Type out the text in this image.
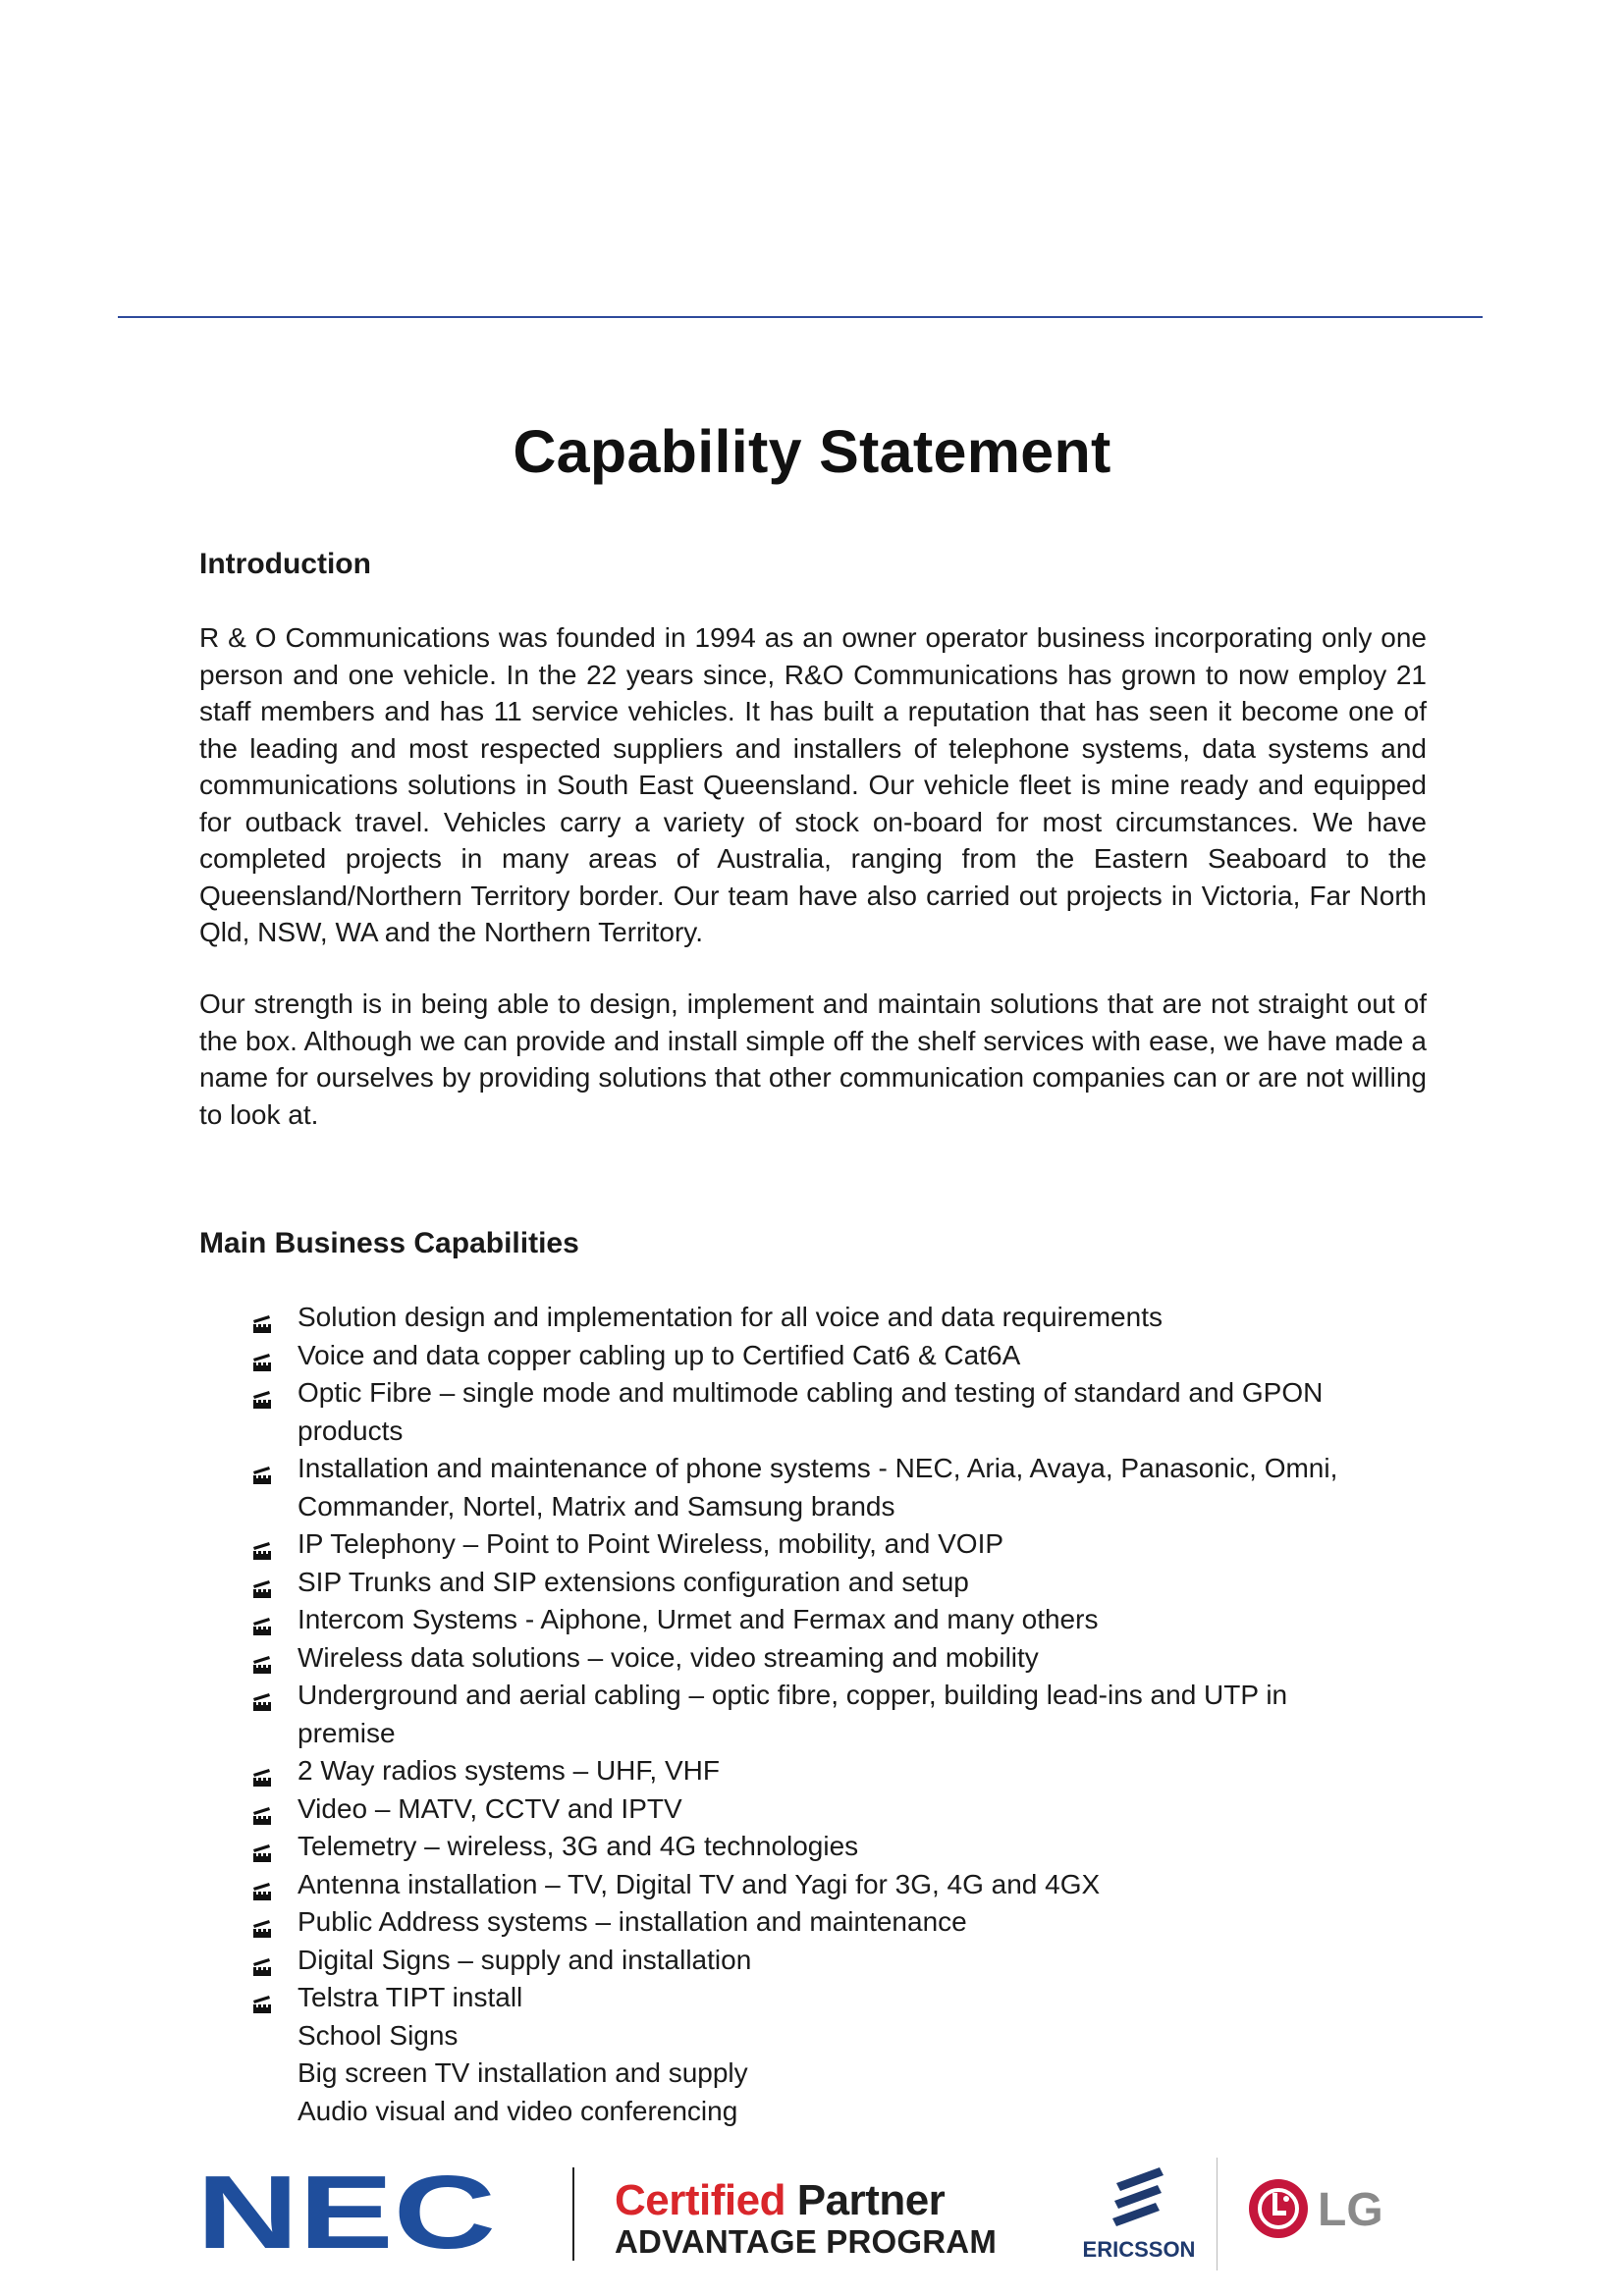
Capability Statement
Introduction

R & O Communications was founded in 1994 as an owner operator business incorporating only one person and one vehicle. In the 22 years since, R&O Communications has grown to now employ 21 staff members and has 11 service vehicles. It has built a reputation that has seen it become one of the leading and most respected suppliers and installers of telephone systems, data systems and communications solutions in South East Queensland. Our vehicle fleet is mine ready and equipped for outback travel. Vehicles carry a variety of stock on-board for most circumstances. We have completed projects in many areas of Australia, ranging from the Eastern Seaboard to the Queensland/Northern Territory border. Our team have also carried out projects in Victoria, Far North Qld, NSW, WA and the Northern Territory.

Our strength is in being able to design, implement and maintain solutions that are not straight out of the box. Although we can provide and install simple off the shelf services with ease, we have made a name for ourselves by providing solutions that other communication companies can or are not willing to look at.

Main Business Capabilities
Solution design and implementation for all voice and data requirements
Voice and data copper cabling up to Certified Cat6 & Cat6A
Optic Fibre – single mode and multimode cabling and testing of standard and GPON products
Installation and maintenance of phone systems - NEC, Aria, Avaya, Panasonic, Omni, Commander, Nortel, Matrix and Samsung brands
IP Telephony – Point to Point Wireless, mobility, and VOIP
SIP Trunks and SIP extensions configuration and setup
Intercom Systems - Aiphone, Urmet and Fermax and many others
Wireless data solutions – voice, video streaming and mobility
Underground and aerial cabling – optic fibre, copper, building lead-ins and UTP in premise
2 Way radios systems – UHF, VHF
Video – MATV, CCTV and IPTV
Telemetry – wireless, 3G and 4G technologies
Antenna installation – TV, Digital TV and Yagi for 3G, 4G and 4GX
Public Address systems – installation and maintenance
Digital Signs – supply and installation
Telstra TIPT install
School Signs
Big screen TV installation and supply
Audio visual and video conferencing
NEC	Certified Partner
ADVANTAGE PROGRAM	ERICSSON
LG
